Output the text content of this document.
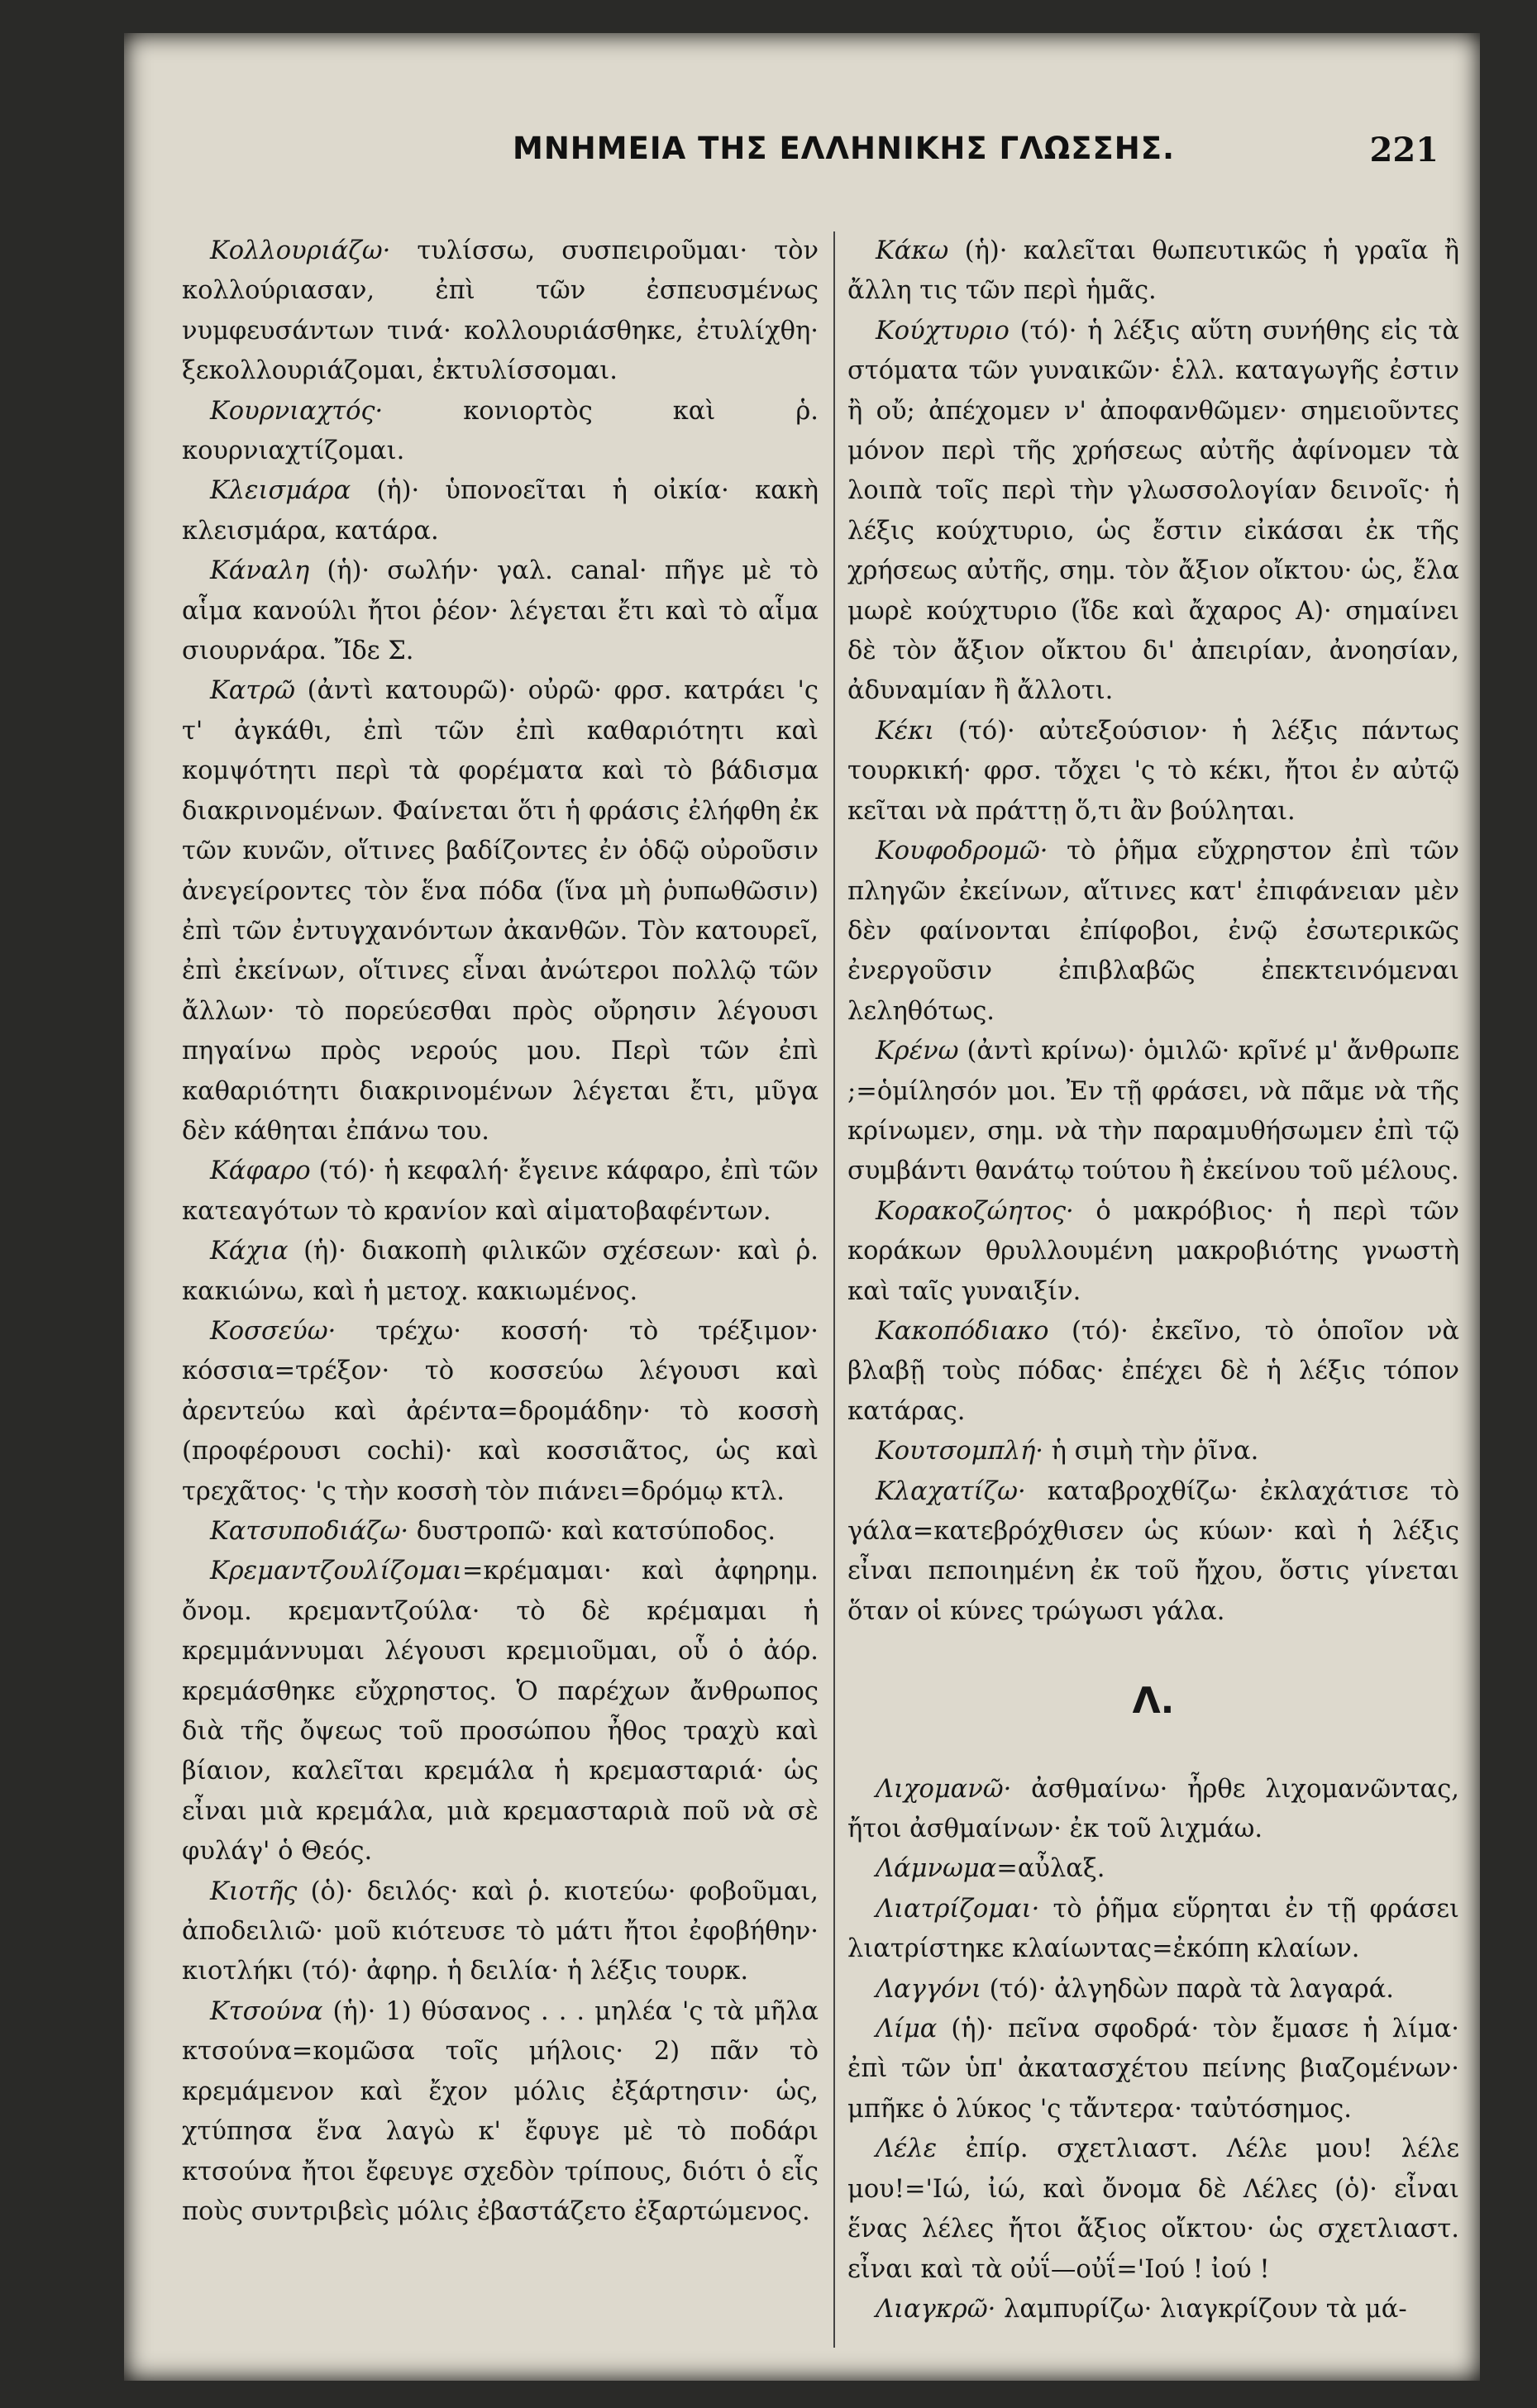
ΜΝΗΜΕΙΑ ΤΗΣ ΕΛΛΗΝΙΚΗΣ ΓΛΩΣΣΗΣ.	221

Κολλουριάζω· τυλίσσω, συσπειροῦμαι· τὸν κολλούριασαν, ἐπὶ τῶν ἐσπευσμένως νυμφευσάντων τινά· κολλουριάσθηκε, ἐτυλίχθη· ξεκολλουριάζομαι, ἐκτυλίσσομαι.

Κουρνιαχτός· κονιορτὸς καὶ ῥ. κουρνιαχτίζομαι.

Κλεισμάρα (ἡ)· ὑπονοεῖται ἡ οἰκία· κακὴ κλεισμάρα, κατάρα.

Κάναλη (ἡ)· σωλήν· γαλ. canal· πῆγε μὲ τὸ αἷμα κανούλι ἤτοι ῥέον· λέγεται ἔτι καὶ τὸ αἷμα σιουρνάρα. Ἴδε Σ.

Κατρῶ (ἀντὶ κατουρῶ)· οὐρῶ· φρσ. κατράει 'ς τ' ἀγκάθι, ἐπὶ τῶν ἐπὶ καθαριότητι καὶ κομψότητι περὶ τὰ φορέματα καὶ τὸ βάδισμα διακρινομένων. Φαίνεται ὅτι ἡ φράσις ἐλήφθη ἐκ τῶν κυνῶν, οἵτινες βαδίζοντες ἐν ὁδῷ οὐροῦσιν ἀνεγείροντες τὸν ἕνα πόδα (ἵνα μὴ ῥυπωθῶσιν) ἐπὶ τῶν ἐντυγχανόντων ἀκανθῶν. Τὸν κατουρεῖ, ἐπὶ ἐκείνων, οἵτινες εἶναι ἀνώτεροι πολλῷ τῶν ἄλλων· τὸ πορεύεσθαι πρὸς οὔρησιν λέγουσι πηγαίνω πρὸς νερούς μου. Περὶ τῶν ἐπὶ καθαριότητι διακρινομένων λέγεται ἔτι, μῦγα δὲν κάθηται ἐπάνω του.

Κάφαρο (τό)· ἡ κεφαλή· ἔγεινε κάφαρο, ἐπὶ τῶν κατεαγότων τὸ κρανίον καὶ αἱματοβαφέντων.

Κάχια (ἡ)· διακοπὴ φιλικῶν σχέσεων· καὶ ῥ. κακιώνω, καὶ ἡ μετοχ. κακιωμένος.

Κοσσεύω· τρέχω· κοσσή· τὸ τρέξιμον· κόσσια=τρέξον· τὸ κοσσεύω λέγουσι καὶ ἀρεντεύω καὶ ἀρέντα=δρομάδην· τὸ κοσσὴ (προφέρουσι cochi)· καὶ κοσσιᾶτος, ὡς καὶ τρεχᾶτος· 'ς τὴν κοσσὴ τὸν πιάνει=δρόμῳ κτλ.

Κατσυποδιάζω· δυστροπῶ· καὶ κατσύποδος.

Κρεμαντζουλίζομαι=κρέμαμαι· καὶ ἀφηρημ. ὄνομ. κρεμαντζούλα· τὸ δὲ κρέμαμαι ἡ κρεμμάννυμαι λέγουσι κρεμιοῦμαι, οὗ ὁ ἀόρ. κρεμάσθηκε εὔχρηστος. Ὁ παρέχων ἄνθρωπος διὰ τῆς ὄψεως τοῦ προσώπου ἦθος τραχὺ καὶ βίαιον, καλεῖται κρεμάλα ἡ κρεμασταριά· ὡς εἶναι μιὰ κρεμάλα, μιὰ κρεμασταριὰ ποῦ νὰ σὲ φυλάγ' ὁ Θεός.

Κιοτῆς (ὁ)· δειλός· καὶ ῥ. κιοτεύω· φοβοῦμαι, ἀποδειλιῶ· μοῦ κιότευσε τὸ μάτι ἤτοι ἐφοβήθην· κιοτλήκι (τό)· ἀφηρ. ἡ δειλία· ἡ λέξις τουρκ.

Κτσούνα (ἡ)· 1) θύσανος . . . μηλέα 'ς τὰ μῆλα κτσούνα=κομῶσα τοῖς μήλοις· 2) πᾶν τὸ κρεμάμενον καὶ ἔχον μόλις ἐξάρτησιν· ὡς, χτύπησα ἕνα λαγὼ κ' ἔφυγε μὲ τὸ ποδάρι κτσούνα ἤτοι ἔφευγε σχεδὸν τρίπους, διότι ὁ εἷς ποὺς συντριβεὶς μόλις ἐβαστάζετο ἐξαρτώμενος.

Κάκω (ἡ)· καλεῖται θωπευτικῶς ἡ γραῖα ἢ ἄλλη τις τῶν περὶ ἡμᾶς.

Κούχτυριο (τό)· ἡ λέξις αὕτη συνήθης εἰς τὰ στόματα τῶν γυναικῶν· ἑλλ. καταγωγῆς ἐστιν ἢ οὔ; ἀπέχομεν ν' ἀποφανθῶμεν· σημειοῦντες μόνον περὶ τῆς χρήσεως αὐτῆς ἀφίνομεν τὰ λοιπὰ τοῖς περὶ τὴν γλωσσολογίαν δεινοῖς· ἡ λέξις κούχτυριο, ὡς ἔστιν εἰκάσαι ἐκ τῆς χρήσεως αὐτῆς, σημ. τὸν ἄξιον οἴκτου· ὡς, ἔλα μωρὲ κούχτυριο (ἴδε καὶ ἄχαρος Α)· σημαίνει δὲ τὸν ἄξιον οἴκτου δι' ἀπειρίαν, ἀνοησίαν, ἀδυναμίαν ἢ ἄλλοτι.

Κέκι (τό)· αὐτεξούσιον· ἡ λέξις πάντως τουρκική· φρσ. τὄχει 'ς τὸ κέκι, ἤτοι ἐν αὐτῷ κεῖται νὰ πράττῃ ὅ,τι ἂν βούληται.

Κουφοδρομῶ· τὸ ῥῆμα εὔχρηστον ἐπὶ τῶν πληγῶν ἐκείνων, αἵτινες κατ' ἐπιφάνειαν μὲν δὲν φαίνονται ἐπίφοβοι, ἐνῷ ἐσωτερικῶς ἐνεργοῦσιν ἐπιβλαβῶς ἐπεκτεινόμεναι λεληθότως.

Κρένω (ἀντὶ κρίνω)· ὁμιλῶ· κρῖνέ μ' ἄνθρωπε ;=ὁμίλησόν μοι. Ἐν τῇ φράσει, νὰ πᾶμε νὰ τῆς κρίνωμεν, σημ. νὰ τὴν παραμυθήσωμεν ἐπὶ τῷ συμβάντι θανάτῳ τούτου ἢ ἐκείνου τοῦ μέλους.

Κορακοζώητος· ὁ μακρόβιος· ἡ περὶ τῶν κοράκων θρυλλουμένη μακροβιότης γνωστὴ καὶ ταῖς γυναιξίν.

Κακοπόδιακο (τό)· ἐκεῖνο, τὸ ὁποῖον νὰ βλαβῇ τοὺς πόδας· ἐπέχει δὲ ἡ λέξις τόπον κατάρας.

Κουτσομπλή· ἡ σιμὴ τὴν ῥῖνα.

Κλαχατίζω· καταβροχθίζω· ἐκλαχάτισε τὸ γάλα=κατεβρόχθισεν ὡς κύων· καὶ ἡ λέξις εἶναι πεποιημένη ἐκ τοῦ ἤχου, ὅστις γίνεται ὅταν οἱ κύνες τρώγωσι γάλα.

Λ.

Λιχομανῶ· ἀσθμαίνω· ἦρθε λιχομανῶντας, ἤτοι ἀσθμαίνων· ἐκ τοῦ λιχμάω.

Λάμνωμα=αὖλαξ.

Λιατρίζομαι· τὸ ῥῆμα εὕρηται ἐν τῇ φράσει λιατρίστηκε κλαίωντας=ἐκόπη κλαίων.

Λαγγόνι (τό)· ἀλγηδὼν παρὰ τὰ λαγαρά.

Λίμα (ἡ)· πεῖνα σφοδρά· τὸν ἔμασε ἡ λίμα· ἐπὶ τῶν ὑπ' ἀκατασχέτου πείνης βιαζομένων· μπῆκε ὁ λύκος 'ς τἄντερα· ταὐτόσημος.

Λέλε ἐπίρ. σχετλιαστ. Λέλε μου! λέλε μου!='Ιώ, ἰώ, καὶ ὄνομα δὲ Λέλες (ὁ)· εἶναι ἕνας λέλες ἤτοι ἄξιος οἴκτου· ὡς σχετλιαστ. εἶναι καὶ τὰ οὐΐ—οὐΐ='Ιού ! ἰού !

Λιαγκρῶ· λαμπυρίζω· λιαγκρίζουν τὰ μά-
